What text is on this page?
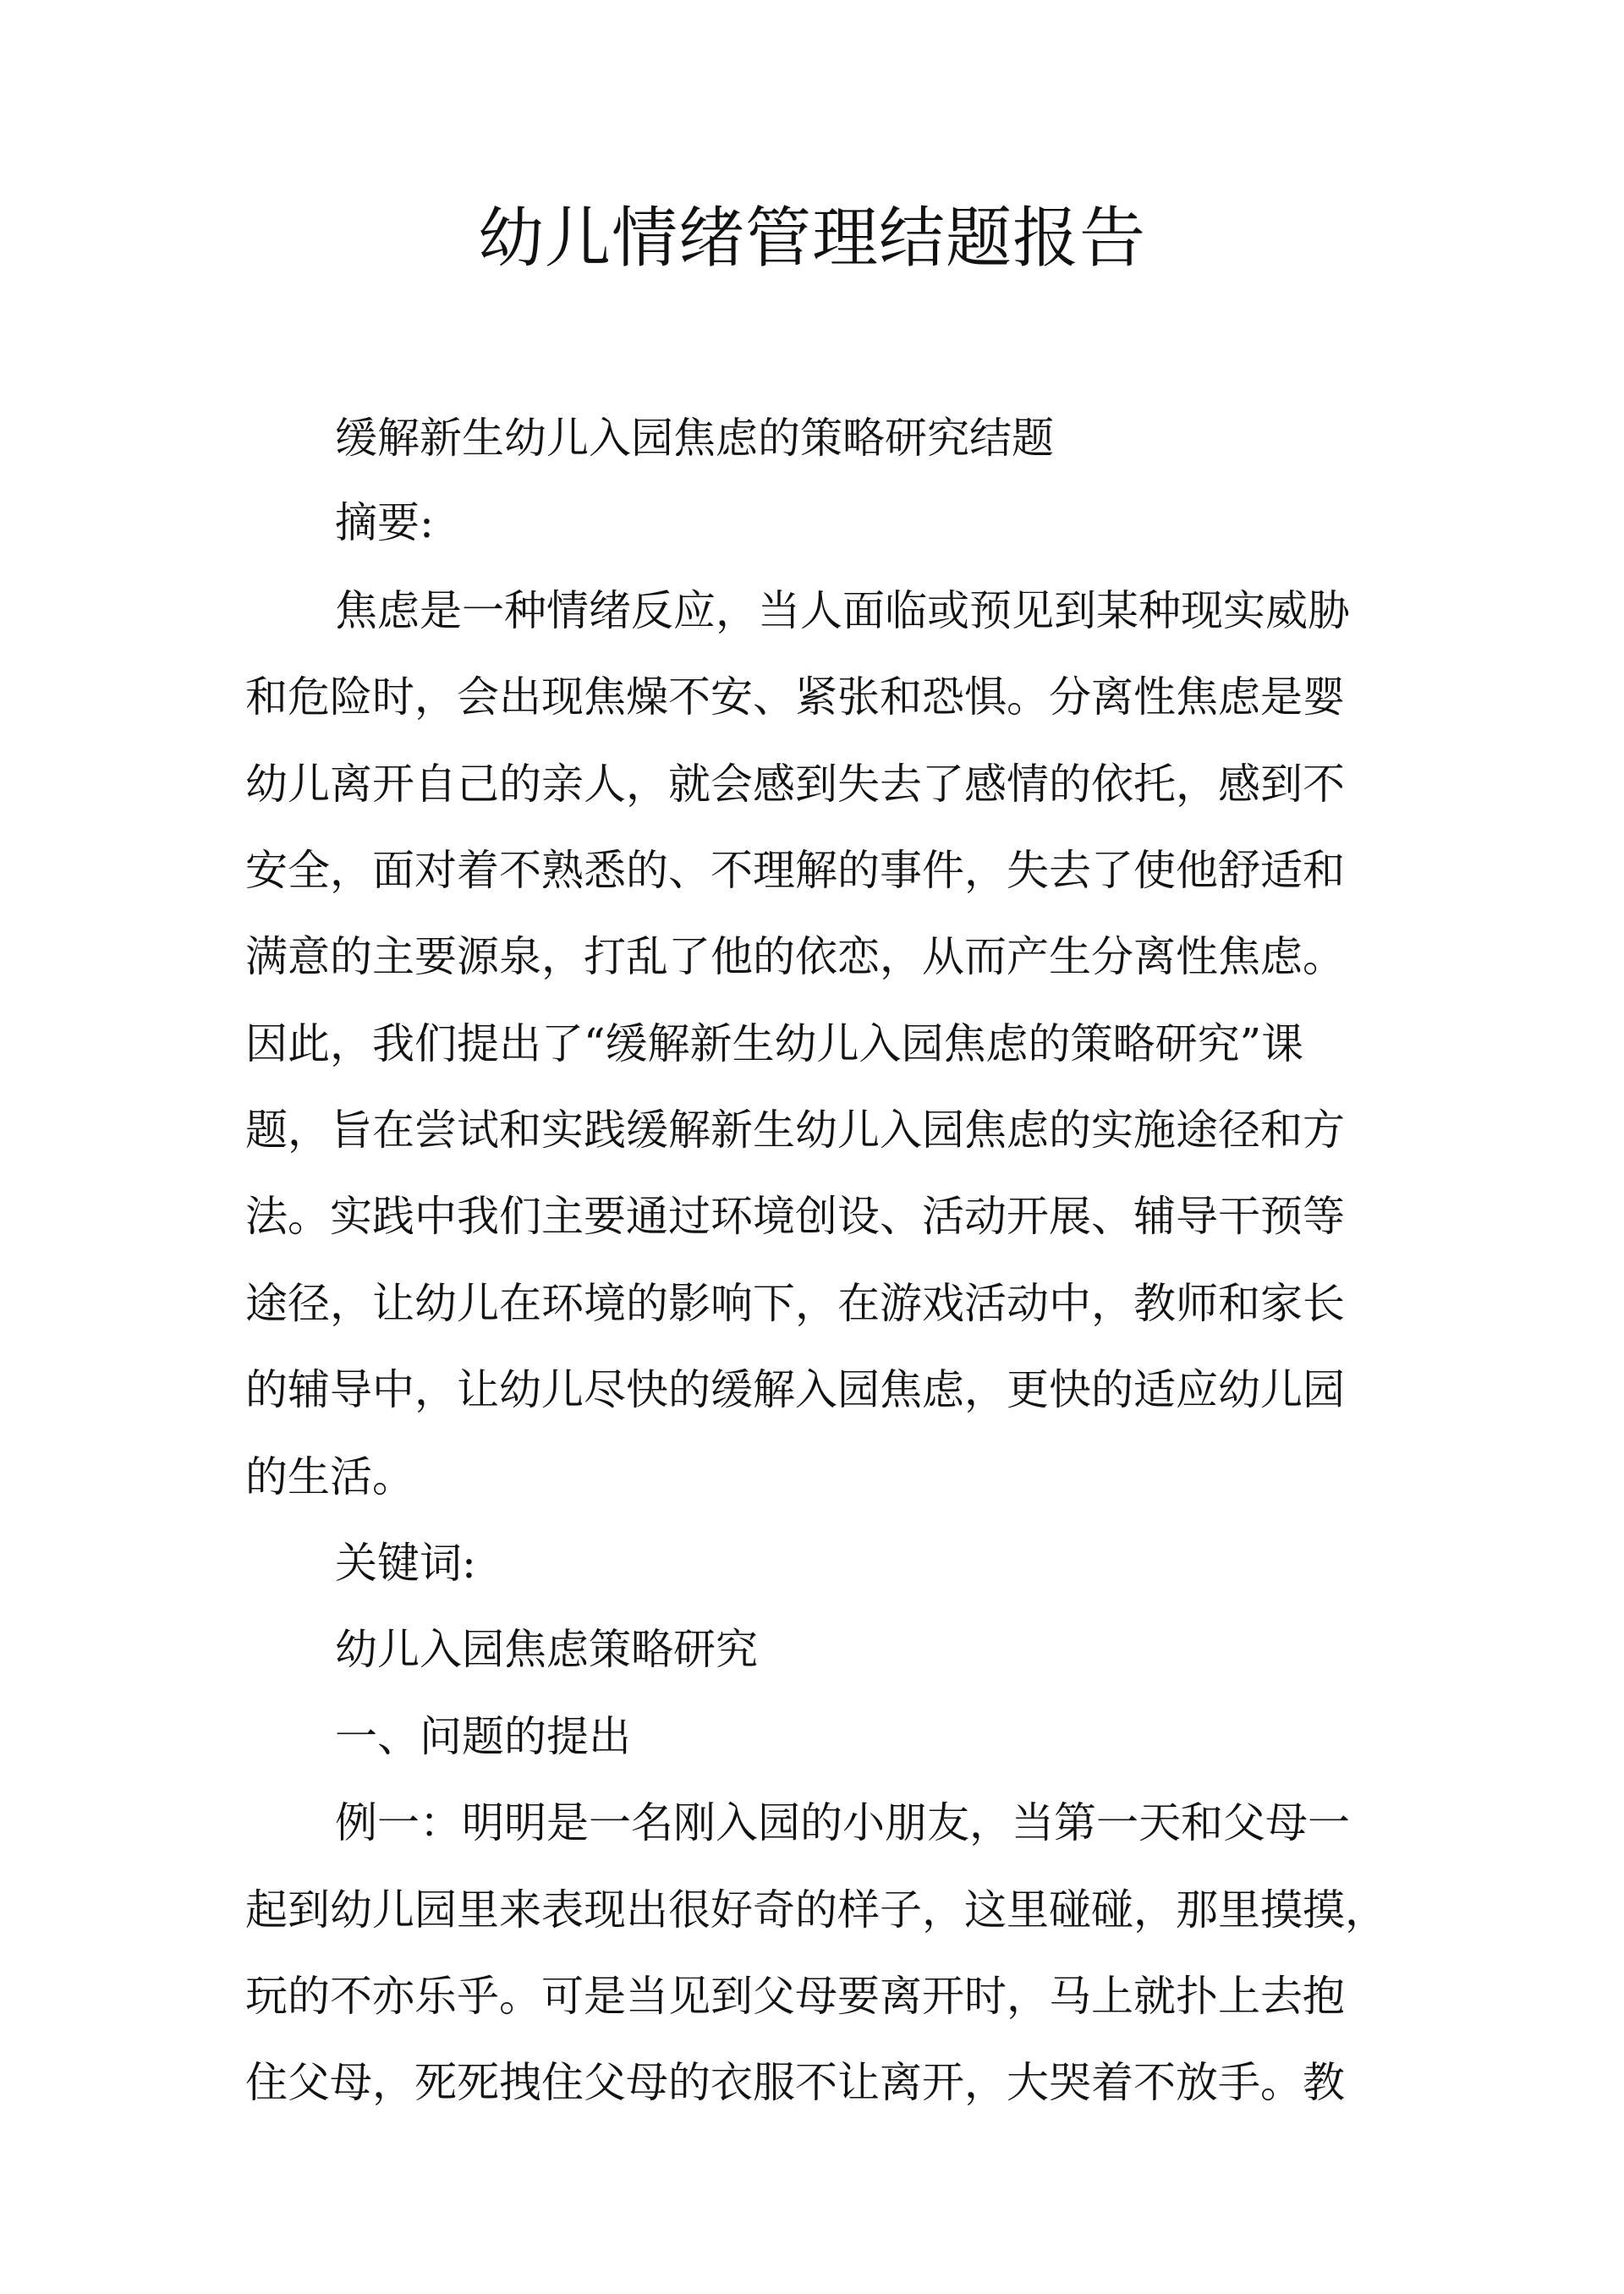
幼儿情绪管理结题报告

缓解新生幼儿入园焦虑的策略研究结题

摘要:

焦虑是一种情绪反应，当人面临或预见到某种现实威胁

和危险时，会出现焦燥不安、紧张和恐惧。分离性焦虑是婴

幼儿离开自己的亲人，就会感到失去了感情的依托，感到不

安全，面对着不熟悉的、不理解的事件，失去了使他舒适和

满意的主要源泉，打乱了他的依恋，从而产生分离性焦虑。

因此，我们提出了“缓解新生幼儿入园焦虑的策略研究”课

题，旨在尝试和实践缓解新生幼儿入园焦虑的实施途径和方

法。实践中我们主要通过环境创设、活动开展、辅导干预等

途径，让幼儿在环境的影响下，在游戏活动中，教师和家长

的辅导中，让幼儿尽快的缓解入园焦虑，更快的适应幼儿园

的生活。

关键词:

幼儿入园焦虑策略研究

一、问题的提出

例一：明明是一名刚入园的小朋友，当第一天和父母一

起到幼儿园里来表现出很好奇的样子，这里碰碰，那里摸摸，

玩的不亦乐乎。可是当见到父母要离开时，马上就扑上去抱

住父母，死死拽住父母的衣服不让离开，大哭着不放手。教
